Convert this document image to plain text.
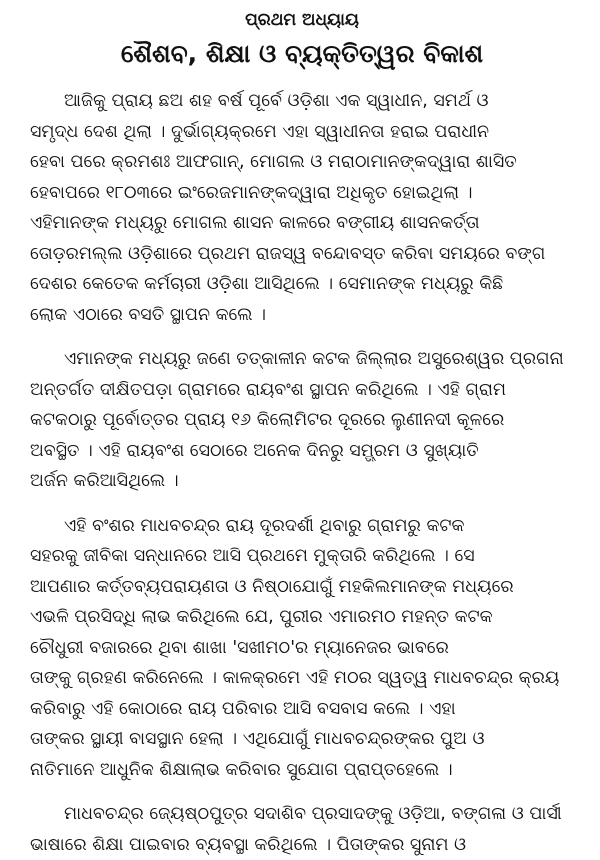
ପ୍ରଥମ ଅଧ୍ୟାୟ
ଶୈଶବ, ଶିକ୍ଷା ଓ ବ୍ୟକ୍ତିତ୍ୱର ବିକାଶ
ଆଜିକୁ ପ୍ରାୟ ଛଅ ଶହ ବର୍ଷ ପୂର୍ବେ ଓଡ଼ିଶା ଏକ ସ୍ୱାଧୀନ, ସମର୍ଥ ଓ
ସମୃଦ୍ଧ ଦେଶ ଥିଲା । ଦୁର୍ଭାଗ୍ୟକ୍ରମେ ଏହା ସ୍ୱାଧୀନତା ହରାଇ ପରାଧୀନ
ହେବା ପରେ କ୍ରମଶଃ ଆଫଗାନ୍, ମୋଗଲ ଓ ମରାଠାମାନଙ୍କଦ୍ୱାରା ଶାସିତ
ହେବାପରେ ୧୮୦୩ରେ ଇଂରେଜମାନଙ୍କଦ୍ୱାରା ଅଧିକୃତ ହୋଇଥିଲା ।
ଏହିମାନଙ୍କ ମଧ୍ୟରୁ ମୋଗଲ ଶାସନ କାଳରେ ବଙ୍ଗୀୟ ଶାସନକର୍ତ୍ତା
ତୋଡ଼ରମଲ୍ଲ ଓଡ଼ିଶାରେ ପ୍ରଥମ ରାଜସ୍ୱ ବନ୍ଦୋବସ୍ତ କରିବା ସମୟରେ ବଙ୍ଗ
ଦେଶର କେତେକ କର୍ମଚାରୀ ଓଡ଼ିଶା ଆସିଥିଲେ । ସେମାନଙ୍କ ମଧ୍ୟରୁ କିଛି
ଲୋକ ଏଠାରେ ବସତି ସ୍ଥାପନ କଲେ ।
ଏମାନଙ୍କ ମଧ୍ୟରୁ ଜଣେ ତତ୍କାଳୀନ କଟକ ଜିଲ୍ଲାର ଅସୁରେଶ୍ୱର ପ୍ରଗନା
ଅନ୍ତର୍ଗତ ଦୀକ୍ଷିତପଡ଼ା ଗ୍ରାମରେ ରାୟବଂଶ ସ୍ଥାପନ କରିଥିଲେ । ଏହି ଗ୍ରାମ
କଟକଠାରୁ ପୂର୍ବୋତ୍ତର ପ୍ରାୟ ୧୬ କିଲୋମିଟର ଦୂରରେ ଲୁଣୀନଦୀ କୂଳରେ
ଅବସ୍ଥିତ । ଏହି ରାୟବଂଶ ସେଠାରେ ଅନେକ ଦିନରୁ ସମ୍ଭ୍ରମ ଓ ସୁଖ୍ୟାତି
ଅର୍ଜନ କରିଆସିଥିଲେ ।
ଏହି ବଂଶର ମାଧବଚନ୍ଦ୍ର ରାୟ ଦୂରଦର୍ଶୀ ଥିବାରୁ ଗ୍ରାମରୁ କଟକ
ସହରକୁ ଜୀବିକା ସନ୍ଧାନରେ ଆସି ପ୍ରଥମେ ମୁକ୍ତାରି କରିଥିଲେ । ସେ
ଆପଣାର କର୍ତ୍ତବ୍ୟପରାୟଣତା ଓ ନିଷ୍ଠାଯୋଗୁଁ ମହକିଲମାନଙ୍କ ମଧ୍ୟରେ
ଏଭଳି ପ୍ରସିଦ୍ଧି ଲାଭ କରିଥିଲେ ଯେ, ପୁରୀର ଏମାରମଠ ମହନ୍ତ କଟକ
ଚୌଧୁରୀ ବଜାରରେ ଥିବା ଶାଖା 'ସଖୀମଠ'ର ମ୍ୟାନେଜର ଭାବରେ
ତାଙ୍କୁ ଗ୍ରହଣ କରିନେଲେ । କାଳକ୍ରମେ ଏହି ମଠର ସ୍ୱତ୍ୱ ମାଧବଚନ୍ଦ୍ର କ୍ରୟ
କରିବାରୁ ଏହି କୋଠାରେ ରାୟ ପରିବାର ଆସି ବସବାସ କଲେ । ଏହା
ତାଙ୍କର ସ୍ଥାୟୀ ବାସସ୍ଥାନ ହେଲା । ଏଥିଯୋଗୁଁ ମାଧବଚନ୍ଦ୍ରଙ୍କର ପୁଅ ଓ
ନାତିମାନେ ଆଧୁନିକ ଶିକ୍ଷାଲାଭ କରିବାର ସୁଯୋଗ ପ୍ରାପ୍ତହେଲେ ।
ମାଧବଚନ୍ଦ୍ର ଜ୍ୟେଷ୍ଠପୁତ୍ର ସଦାଶିବ ପ୍ରସାଦଙ୍କୁ ଓଡ଼ିଆ, ବଙ୍ଗଳା ଓ ପାର୍ସୀ
ଭାଷାରେ ଶିକ୍ଷା ପାଇବାର ବ୍ୟବସ୍ଥା କରିଥିଲେ । ପିତାଙ୍କର ସୁନାମ ଓ
